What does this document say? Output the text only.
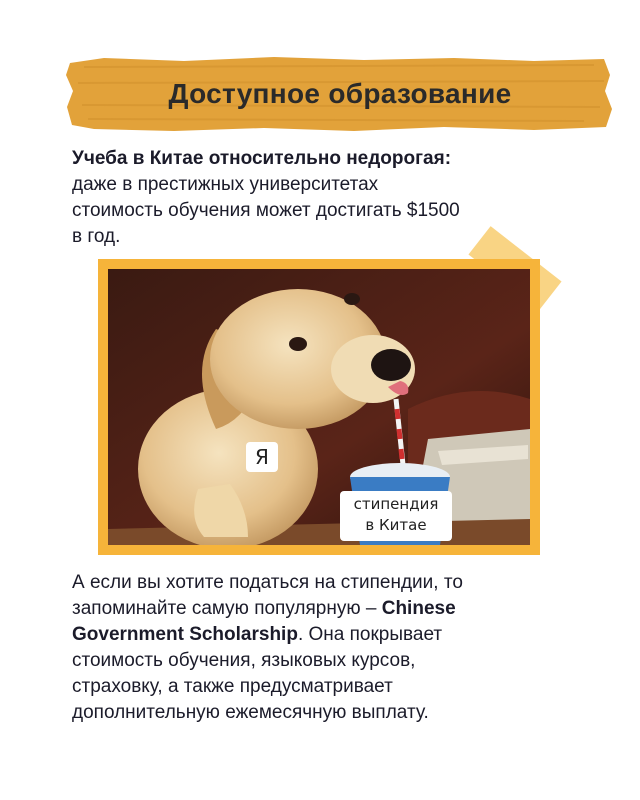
Доступное образование
Учеба в Китае относительно недорогая:
даже в престижных университетах
стоимость обучения может достигать $1500
в год.
Я
стипендия
в Китае
А если вы хотите податься на стипендии, то
запоминайте самую популярную – Chinese
Government Scholarship. Она покрывает
стоимость обучения, языковых курсов,
страховку, а также предусматривает
дополнительную ежемесячную выплату.
